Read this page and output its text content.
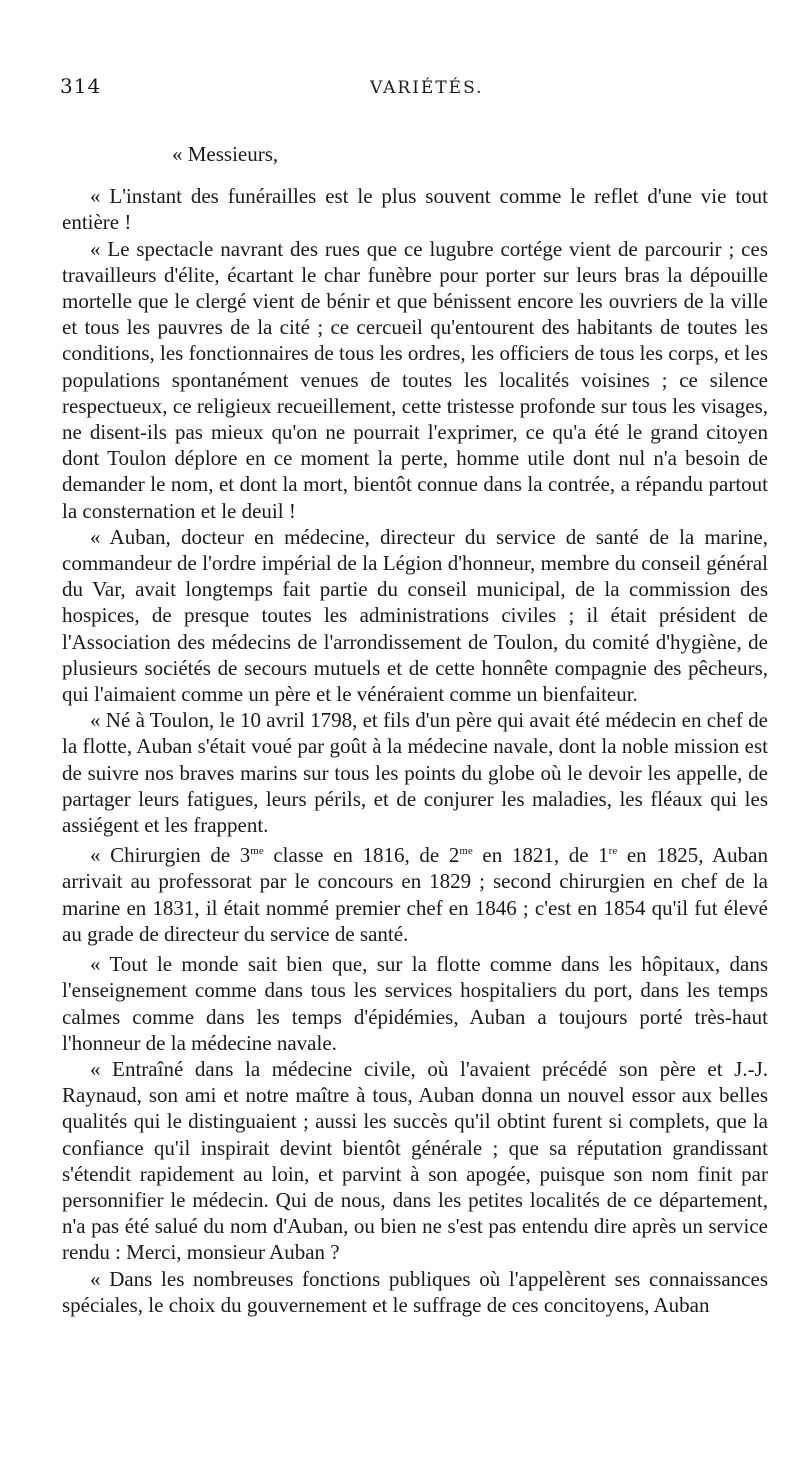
314	VARIÉTÉS.

« Messieurs,

« L'instant des funérailles est le plus souvent comme le reflet d'une vie tout entière !

« Le spectacle navrant des rues que ce lugubre cortége vient de parcourir ; ces travailleurs d'élite, écartant le char funèbre pour porter sur leurs bras la dépouille mortelle que le clergé vient de bénir et que bénissent encore les ouvriers de la ville et tous les pauvres de la cité ; ce cercueil qu'entourent des habitants de toutes les conditions, les fonctionnaires de tous les ordres, les officiers de tous les corps, et les populations spontanément venues de toutes les localités voisines ; ce silence respectueux, ce religieux recueillement, cette tristesse profonde sur tous les visages, ne disent-ils pas mieux qu'on ne pourrait l'exprimer, ce qu'a été le grand citoyen dont Toulon déplore en ce moment la perte, homme utile dont nul n'a besoin de demander le nom, et dont la mort, bientôt connue dans la contrée, a répandu partout la consternation et le deuil !

« Auban, docteur en médecine, directeur du service de santé de la marine, commandeur de l'ordre impérial de la Légion d'honneur, membre du conseil général du Var, avait longtemps fait partie du conseil municipal, de la commission des hospices, de presque toutes les administrations civiles ; il était président de l'Association des médecins de l'arrondissement de Toulon, du comité d'hygiène, de plusieurs sociétés de secours mutuels et de cette honnête compagnie des pêcheurs, qui l'aimaient comme un père et le vénéraient comme un bienfaiteur.

« Né à Toulon, le 10 avril 1798, et fils d'un père qui avait été médecin en chef de la flotte, Auban s'était voué par goût à la médecine navale, dont la noble mission est de suivre nos braves marins sur tous les points du globe où le devoir les appelle, de partager leurs fatigues, leurs périls, et de conjurer les maladies, les fléaux qui les assiégent et les frappent.

« Chirurgien de $3^{me}$ classe en 1816, de $2^{me}$ en 1821, de 1re en 1825, Auban arrivait au professorat par le concours en 1829 ; second chirurgien en chef de la marine en 1831, il était nommé premier chef en 1846 ; c'est en 1854 qu'il fut élevé au grade de directeur du service de santé.

« Tout le monde sait bien que, sur la flotte comme dans les hôpitaux, dans l'enseignement comme dans tous les services hospitaliers du port, dans les temps calmes comme dans les temps d'épidémies, Auban a toujours porté très-haut l'honneur de la médecine navale.

« Entraîné dans la médecine civile, où l'avaient précédé son père et J.-J. Raynaud, son ami et notre maître à tous, Auban donna un nouvel essor aux belles qualités qui le distinguaient ; aussi les succès qu'il obtint furent si complets, que la confiance qu'il inspirait devint bientôt générale ; que sa réputation grandissant s'étendit rapidement au loin, et parvint à son apogée, puisque son nom finit par personnifier le médecin. Qui de nous, dans les petites localités de ce département, n'a pas été salué du nom d'Auban, ou bien ne s'est pas entendu dire après un service rendu : Merci, monsieur Auban ?

« Dans les nombreuses fonctions publiques où l'appelèrent ses connaissances spéciales, le choix du gouvernement et le suffrage de ces concitoyens, Auban
